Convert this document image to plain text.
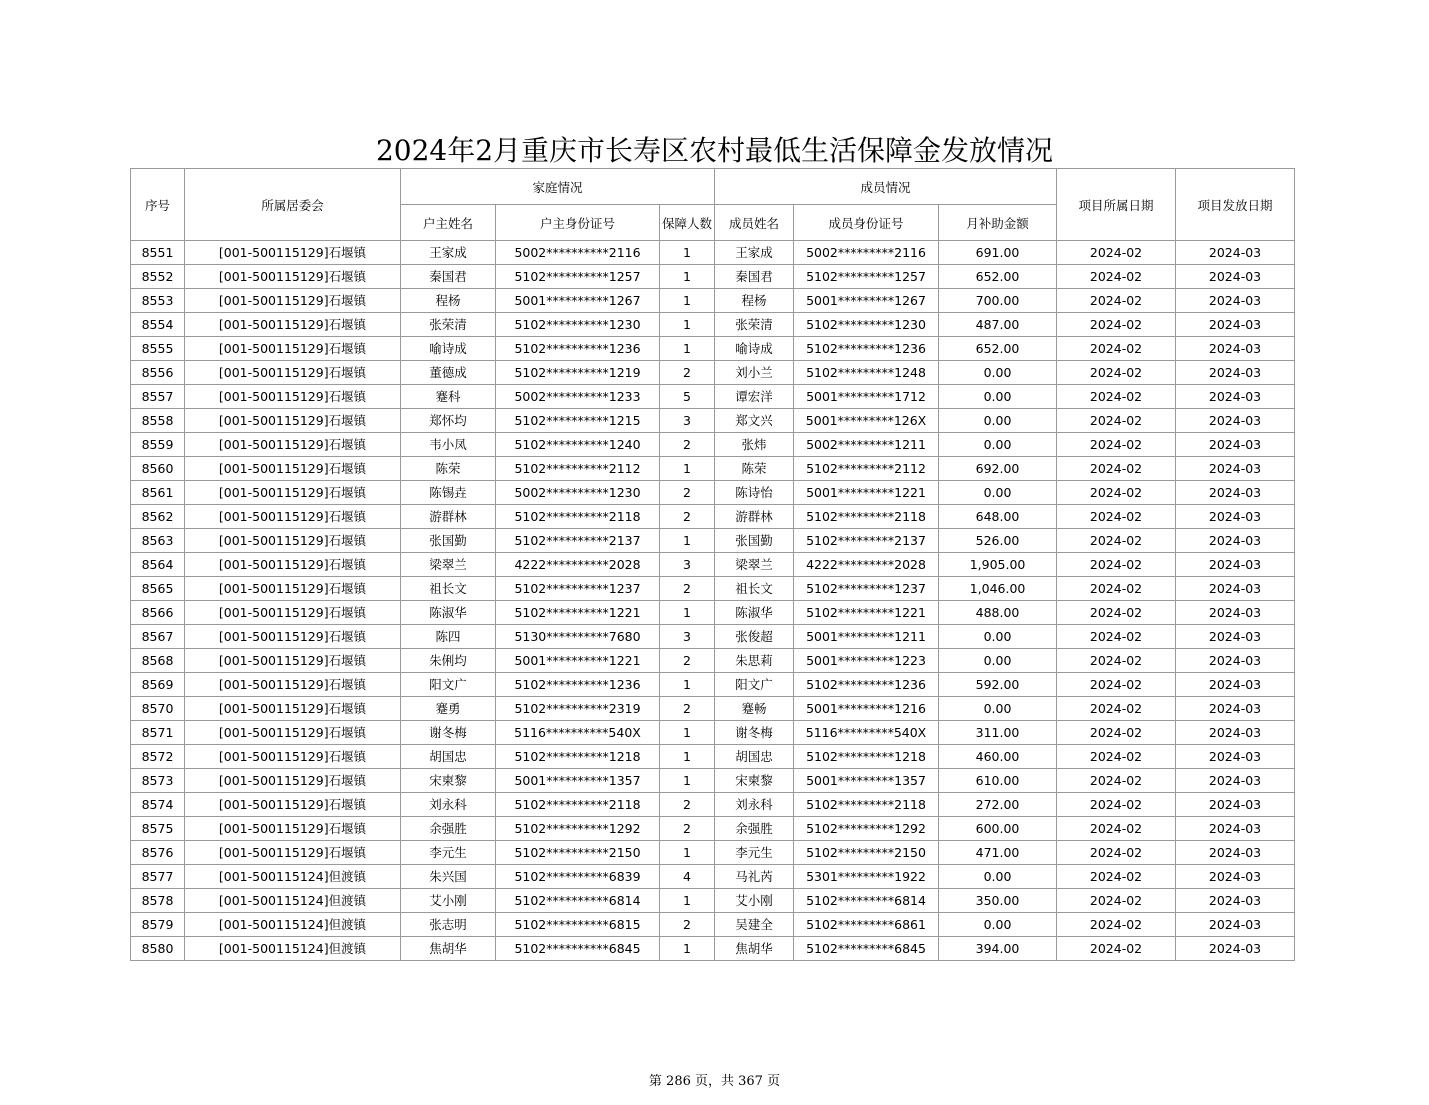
2024年2月重庆市长寿区农村最低生活保障金发放情况
序号	所属居委会	家庭情况			成员情况			项目所属日期	项目发放日期
		户主姓名	户主身份证号	保障人数	成员姓名	成员身份证号	月补助金额		
8551	[001-500115129]石堰镇	王家成	5002**********2116	1	王家成	5002*********2116	691.00	2024-02	2024-03
8552	[001-500115129]石堰镇	秦国君	5102**********1257	1	秦国君	5102*********1257	652.00	2024-02	2024-03
8553	[001-500115129]石堰镇	程杨	5001**********1267	1	程杨	5001*********1267	700.00	2024-02	2024-03
8554	[001-500115129]石堰镇	张荣清	5102**********1230	1	张荣清	5102*********1230	487.00	2024-02	2024-03
8555	[001-500115129]石堰镇	喻诗成	5102**********1236	1	喻诗成	5102*********1236	652.00	2024-02	2024-03
8556	[001-500115129]石堰镇	董德成	5102**********1219	2	刘小兰	5102*********1248	0.00	2024-02	2024-03
8557	[001-500115129]石堰镇	蹇科	5002**********1233	5	谭宏洋	5001*********1712	0.00	2024-02	2024-03
8558	[001-500115129]石堰镇	郑怀均	5102**********1215	3	郑文兴	5001*********126X	0.00	2024-02	2024-03
8559	[001-500115129]石堰镇	韦小凤	5102**********1240	2	张炜	5002*********1211	0.00	2024-02	2024-03
8560	[001-500115129]石堰镇	陈荣	5102**********2112	1	陈荣	5102*********2112	692.00	2024-02	2024-03
8561	[001-500115129]石堰镇	陈锡垚	5002**********1230	2	陈诗怡	5001*********1221	0.00	2024-02	2024-03
8562	[001-500115129]石堰镇	游群林	5102**********2118	2	游群林	5102*********2118	648.00	2024-02	2024-03
8563	[001-500115129]石堰镇	张国勤	5102**********2137	1	张国勤	5102*********2137	526.00	2024-02	2024-03
8564	[001-500115129]石堰镇	梁翠兰	4222**********2028	3	梁翠兰	4222*********2028	1,905.00	2024-02	2024-03
8565	[001-500115129]石堰镇	祖长文	5102**********1237	2	祖长文	5102*********1237	1,046.00	2024-02	2024-03
8566	[001-500115129]石堰镇	陈淑华	5102**********1221	1	陈淑华	5102*********1221	488.00	2024-02	2024-03
8567	[001-500115129]石堰镇	陈四	5130**********7680	3	张俊超	5001*********1211	0.00	2024-02	2024-03
8568	[001-500115129]石堰镇	朱俐均	5001**********1221	2	朱思莉	5001*********1223	0.00	2024-02	2024-03
8569	[001-500115129]石堰镇	阳文广	5102**********1236	1	阳文广	5102*********1236	592.00	2024-02	2024-03
8570	[001-500115129]石堰镇	蹇勇	5102**********2319	2	蹇畅	5001*********1216	0.00	2024-02	2024-03
8571	[001-500115129]石堰镇	谢冬梅	5116**********540X	1	谢冬梅	5116*********540X	311.00	2024-02	2024-03
8572	[001-500115129]石堰镇	胡国忠	5102**********1218	1	胡国忠	5102*********1218	460.00	2024-02	2024-03
8573	[001-500115129]石堰镇	宋柬黎	5001**********1357	1	宋柬黎	5001*********1357	610.00	2024-02	2024-03
8574	[001-500115129]石堰镇	刘永科	5102**********2118	2	刘永科	5102*********2118	272.00	2024-02	2024-03
8575	[001-500115129]石堰镇	余强胜	5102**********1292	2	余强胜	5102*********1292	600.00	2024-02	2024-03
8576	[001-500115129]石堰镇	李元生	5102**********2150	1	李元生	5102*********2150	471.00	2024-02	2024-03
8577	[001-500115124]但渡镇	朱兴国	5102**********6839	4	马礼芮	5301*********1922	0.00	2024-02	2024-03
8578	[001-500115124]但渡镇	艾小刚	5102**********6814	1	艾小刚	5102*********6814	350.00	2024-02	2024-03
8579	[001-500115124]但渡镇	张志明	5102**********6815	2	吴建全	5102*********6861	0.00	2024-02	2024-03
8580	[001-500115124]但渡镇	焦胡华	5102**********6845	1	焦胡华	5102*********6845	394.00	2024-02	2024-03
第 286 页，共 367 页
